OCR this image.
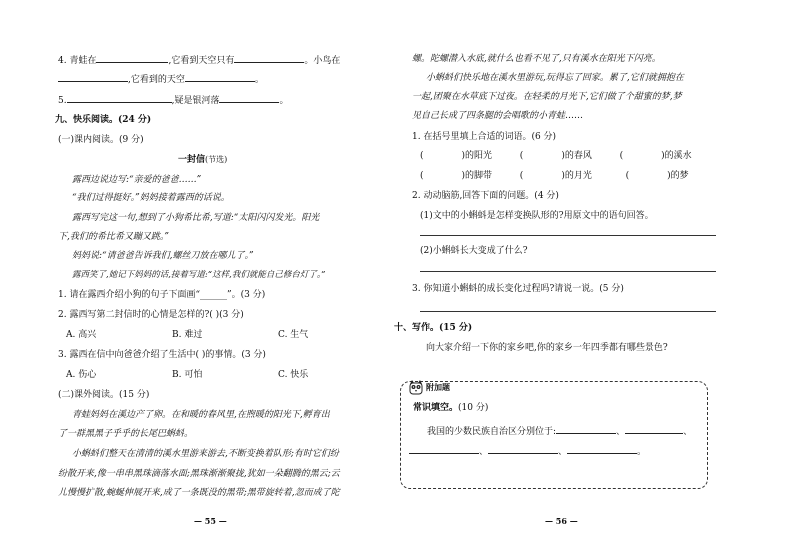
4. 青蛙在	,它看到天空只有	。小鸟在
,它看到的天空	。
5.	,疑是银河落	。
九、快乐阅读。(24 分)
(一)课内阅读。(9 分)
一封信(节选)
露西边说边写:“亲爱的爸爸……”
“我们过得挺好。”妈妈接着露西的话说。
露西写完这一句,想到了小狗希比希,写道:“太阳闪闪发光。阳光
下,我们的希比希又蹦又跳。”
妈妈说:“请爸爸告诉我们,螺丝刀放在哪儿了。”
露西笑了,她记下妈妈的话,接着写道:“这样,我们就能自己修台灯了。”
1. 请在露西介绍小狗的句子下面画“______”。(3 分)
2. 露西写第二封信时的心情是怎样的?( )(3 分)
A. 高兴	B. 难过	C. 生气
3. 露西在信中向爸爸介绍了生活中( )的事情。(3 分)
A. 伤心	B. 可怕	C. 快乐
(二)课外阅读。(15 分)
青蛙妈妈在溪边产了卵。在和暖的春风里,在煦暖的阳光下,孵育出
了一群黑黑子乎乎的长尾巴蝌蚪。
小蝌蚪们整天在清清的溪水里游来游去,不断变换着队形;有时它们纷
纷散开来,像一串串黑珠滴落水面;黑珠渐渐聚拢,犹如一朵翻腾的黑云;云
儿慢慢扩散,蜿蜒伸展开来,成了一条既没的黑带;黑带旋转着,忽而成了陀
— 55 —
螺。陀螺潜入水底,就什么也看不见了,只有溪水在阳光下闪亮。
小蝌蚪们快乐地在溪水里游玩,玩得忘了回家。累了,它们就拥抱在
一起,团聚在水草底下过夜。在轻柔的月光下,它们做了个甜蜜的梦,梦
见自己长成了四条腿的会唱歌的小青蛙……
1. 在括号里填上合适的词语。(6 分)
(	)的阳光	(	)的春风	(	)的溪水
(	)的脚带	(	)的月光	(	)的梦
2. 动动脑筋,回答下面的问题。(4 分)
(1)文中的小蝌蚪是怎样变换队形的?用原文中的语句回答。
(2)小蝌蚪长大变成了什么?
3. 你知道小蝌蚪的成长变化过程吗?请说一说。(5 分)
十、写作。(15 分)
向大家介绍一下你的家乡吧,你的家乡一年四季都有哪些景色?
— 56 —
附加题
常识填空。(10 分)
我国的少数民族自治区分别位于:	、	、
、	、	。
